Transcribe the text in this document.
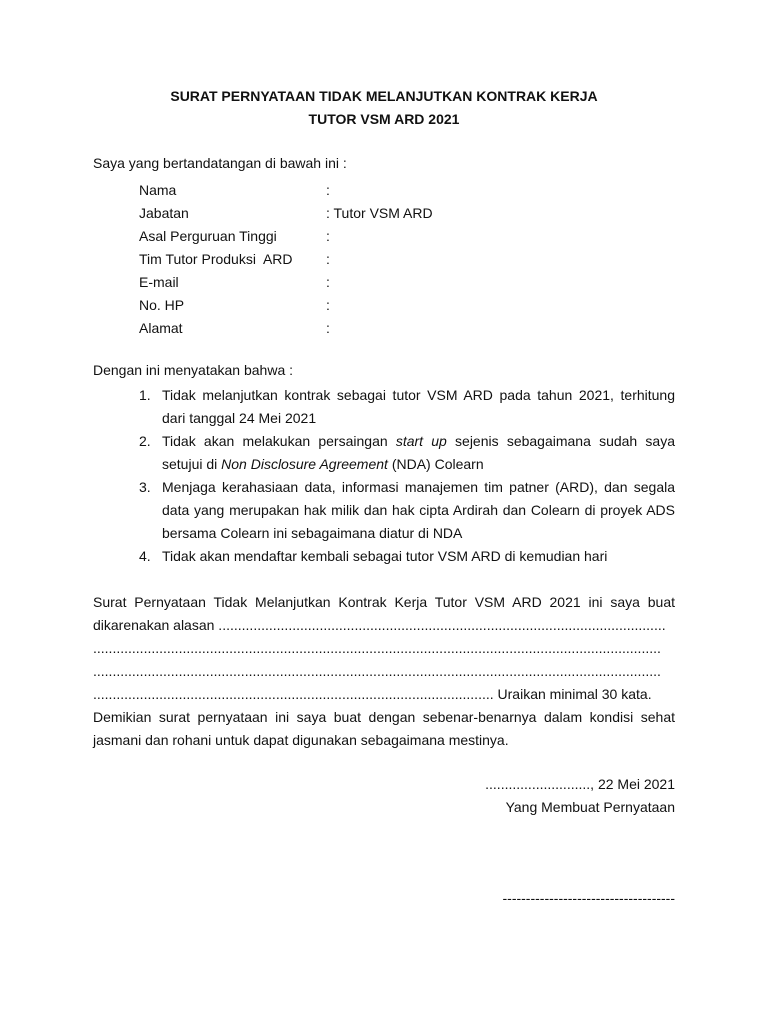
SURAT PERNYATAAN TIDAK MELANJUTKAN KONTRAK KERJA
TUTOR VSM ARD 2021
Saya yang bertandatangan di bawah ini :
Nama	:
Jabatan	: Tutor VSM ARD
Asal Perguruan Tinggi	:
Tim Tutor Produksi  ARD :
E-mail	:
No. HP	:
Alamat	:
Dengan ini menyatakan bahwa :
1. Tidak melanjutkan kontrak sebagai tutor VSM ARD pada tahun 2021, terhitung dari tanggal 24 Mei 2021
2. Tidak akan melakukan persaingan start up sejenis sebagaimana sudah saya setujui di Non Disclosure Agreement (NDA) Colearn
3. Menjaga kerahasiaan data, informasi manajemen tim patner (ARD), dan segala data yang merupakan hak milik dan hak cipta Ardirah dan Colearn di proyek ADS bersama Colearn ini sebagaimana diatur di NDA
4. Tidak akan mendaftar kembali sebagai tutor VSM ARD di kemudian hari
Surat Pernyataan Tidak Melanjutkan Kontrak Kerja Tutor VSM ARD 2021 ini saya buat
dikarenakan alasan ...................................................................................................................
..................................................................................................................................................
..................................................................................................................................................
....................................................................................................... Uraikan minimal 30 kata.
Demikian surat pernyataan ini saya buat dengan sebenar-benarnya dalam kondisi sehat jasmani dan rohani untuk dapat digunakan sebagaimana mestinya.
..........................., 22 Mei 2021
Yang Membuat Pernyataan
-------------------------------------
